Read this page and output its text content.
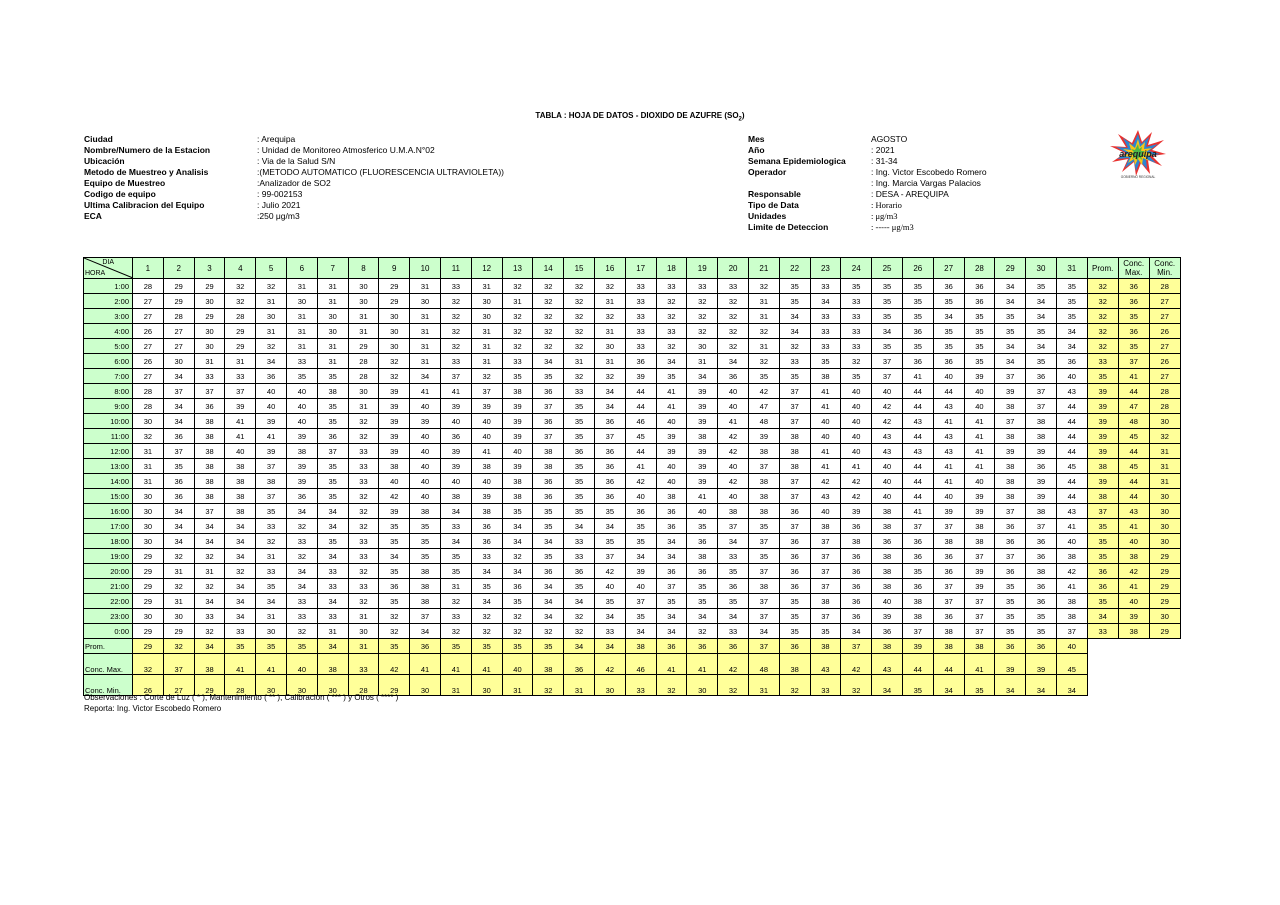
TABLA : HOJA DE DATOS - DIOXIDO DE AZUFRE $(SO_2)$
Ciudad	: Arequipa
Nombre/Numero de la Estacion	: Unidad de Monitoreo Atmosferico U.M.A.N°02
Ubicación	: Via de la Salud S/N
Metodo de Muestreo y Analisis	:(METODO AUTOMATICO (FLUORESCENCIA ULTRAVIOLETA))
Equipo de Muestreo	:Analizador de SO2
Codigo de equipo	: 99-002153
Ultima Calibracion del Equipo	: Julio 2021
ECA	:250 μg/m3
Mes	AGOSTO
Año	: 2021
Semana Epidemiologica	: 31-34
Operador	: Ing. Victor Escobedo Romero
: Ing. Marcia Vargas Palacios
Responsable	: DESA - AREQUIPA
Tipo de Data	: Horario
Unidades	: μg/m3
Limite de Deteccion	: ----- μg/m3
arequipa
GOBIERNO REGIONAL
DIA
HORA	1	2	3	4	5	6	7	8	9	10	11	12	13	14	15	16	17	18	19	20	21	22	23	24	25	26	27	28	29	30	31	Prom.	Conc. Max.	Conc. Min.
1:00	28	29	29	32	32	31	31	30	29	31	33	31	32	32	32	32	33	33	33	33	32	35	33	35	35	35	36	36	34	35	35	32	36	28
2:00	27	29	30	32	31	30	31	30	29	30	32	30	31	32	32	31	33	32	32	32	31	35	34	33	35	35	35	36	34	34	35	32	36	27
3:00	27	28	29	28	30	31	30	31	30	31	32	30	32	32	32	32	33	32	32	32	31	34	33	33	35	35	34	35	35	34	35	32	35	27
4:00	26	27	30	29	31	31	30	31	30	31	32	31	32	32	32	31	33	33	32	32	32	34	33	33	34	36	35	35	35	35	34	32	36	26
5:00	27	27	30	29	32	31	31	29	30	31	32	31	32	32	32	30	33	32	30	32	31	32	33	33	35	35	35	35	34	34	34	32	35	27
6:00	26	30	31	31	34	33	31	28	32	31	33	31	33	34	31	31	36	34	31	34	32	33	35	32	37	36	36	35	34	35	36	33	37	26
7:00	27	34	33	33	36	35	35	28	32	34	37	32	35	35	32	32	39	35	34	36	35	35	38	35	37	41	40	39	37	36	40	35	41	27
8:00	28	37	37	37	40	40	38	30	39	41	41	37	38	36	33	34	44	41	39	40	42	37	41	40	40	44	44	40	39	37	43	39	44	28
9:00	28	34	36	39	40	40	35	31	39	40	39	39	39	37	35	34	44	41	39	40	47	37	41	40	42	44	43	40	38	37	44	39	47	28
10:00	30	34	38	41	39	40	35	32	39	39	40	40	39	36	35	36	46	40	39	41	48	37	40	40	42	43	41	41	37	38	44	39	48	30
11:00	32	36	38	41	41	39	36	32	39	40	36	40	39	37	35	37	45	39	38	42	39	38	40	40	43	44	43	41	38	38	44	39	45	32
12:00	31	37	38	40	39	38	37	33	39	40	39	41	40	38	36	36	44	39	39	42	38	38	41	40	43	43	43	41	39	39	44	39	44	31
13:00	31	35	38	38	37	39	35	33	38	40	39	38	39	38	35	36	41	40	39	40	37	38	41	41	40	44	41	41	38	36	45	38	45	31
14:00	31	36	38	38	38	39	35	33	40	40	40	40	38	36	35	36	42	40	39	42	38	37	42	42	40	44	41	40	38	39	44	39	44	31
15:00	30	36	38	38	37	36	35	32	42	40	38	39	38	36	35	36	40	38	41	40	38	37	43	42	40	44	40	39	38	39	44	38	44	30
16:00	30	34	37	38	35	34	34	32	39	38	34	38	35	35	35	35	36	36	40	38	38	36	40	39	38	41	39	39	37	38	43	37	43	30
17:00	30	34	34	34	33	32	34	32	35	35	33	36	34	35	34	34	35	36	35	37	35	37	38	36	38	37	37	38	36	37	41	35	41	30
18:00	30	34	34	34	32	33	35	33	35	35	34	36	34	34	33	35	35	34	36	34	37	36	37	38	36	36	38	38	36	36	40	35	40	30
19:00	29	32	32	34	31	32	34	33	34	35	35	33	32	35	33	37	34	34	38	33	35	36	37	36	38	36	36	37	37	36	38	35	38	29
20:00	29	31	31	32	33	34	33	32	35	38	35	34	34	36	36	42	39	36	36	35	37	36	37	36	38	35	36	39	36	38	42	36	42	29
21:00	29	32	32	34	35	34	33	33	36	38	31	35	36	34	35	40	40	37	35	36	38	36	37	36	38	36	37	39	35	36	41	36	41	29
22:00	29	31	34	34	34	33	34	32	35	38	32	34	35	34	34	35	37	35	35	35	37	35	38	36	40	38	37	37	35	36	38	35	40	29
23:00	30	30	33	34	31	33	33	31	32	37	33	32	32	34	32	34	35	34	34	34	37	35	37	36	39	38	36	37	35	35	38	34	39	30
0:00	29	29	32	33	30	32	31	30	32	34	32	32	32	32	32	33	34	34	32	33	34	35	35	34	36	37	38	37	35	35	37	33	38	29
Prom.	29	32	34	35	35	35	34	31	35	36	35	35	35	35	34	34	38	36	36	36	37	36	38	37	38	39	38	38	36	36	40			
Conc. Max.	32	37	38	41	41	40	38	33	42	41	41	41	40	38	36	42	46	41	41	42	48	38	43	42	43	44	44	41	39	39	45			
Conc. Min.	26	27	29	28	30	30	30	28	29	30	31	30	31	32	31	30	33	32	30	32	31	32	33	32	34	35	34	35	34	34	34			
Observaciones : Corte de Luz ( * ), Mantenimiento ( ** ), Calibracion ( *** ) y Otros ( **** )
Reporta: Ing. Victor Escobedo Romero
